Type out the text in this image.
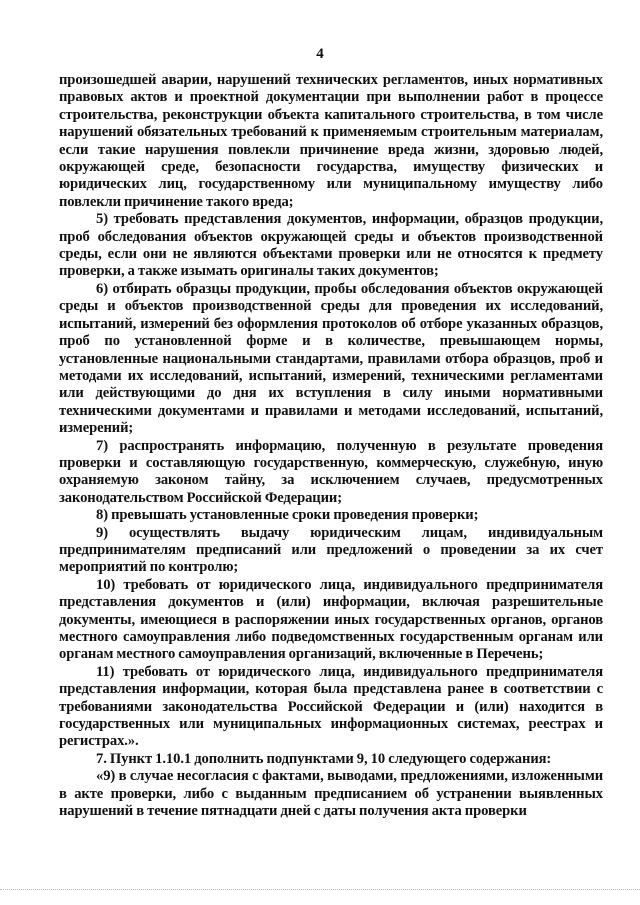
4

произошедшей аварии, нарушений технических регламентов, иных нормативных правовых актов и проектной документации при выполнении работ в процессе строительства, реконструкции объекта капитального строительства, в том числе нарушений обязательных требований к применяемым строительным материалам, если такие нарушения повлекли причинение вреда жизни, здоровью людей, окружающей среде, безопасности государства, имуществу физических и юридических лиц, государственному или муниципальному имуществу либо повлекли причинение такого вреда;

5) требовать представления документов, информации, образцов продукции, проб обследования объектов окружающей среды и объектов производственной среды, если они не являются объектами проверки или не относятся к предмету проверки, а также изымать оригиналы таких документов;

6) отбирать образцы продукции, пробы обследования объектов окружающей среды и объектов производственной среды для проведения их исследований, испытаний, измерений без оформления протоколов об отборе указанных образцов, проб по установленной форме и в количестве, превышающем нормы, установленные национальными стандартами, правилами отбора образцов, проб и методами их исследований, испытаний, измерений, техническими регламентами или действующими до дня их вступления в силу иными нормативными техническими документами и правилами и методами исследований, испытаний, измерений;

7) распространять информацию, полученную в результате проведения проверки и составляющую государственную, коммерческую, служебную, иную охраняемую законом тайну, за исключением случаев, предусмотренных законодательством Российской Федерации;

8) превышать установленные сроки проведения проверки;

9) осуществлять выдачу юридическим лицам, индивидуальным предпринимателям предписаний или предложений о проведении за их счет мероприятий по контролю;

10) требовать от юридического лица, индивидуального предпринимателя представления документов и (или) информации, включая разрешительные документы, имеющиеся в распоряжении иных государственных органов, органов местного самоуправления либо подведомственных государственным органам или органам местного самоуправления организаций, включенные в Перечень;

11) требовать от юридического лица, индивидуального предпринимателя представления информации, которая была представлена ранее в соответствии с требованиями законодательства Российской Федерации и (или) находится в государственных или муниципальных информационных системах, реестрах и регистрах.».

7. Пункт 1.10.1 дополнить подпунктами 9, 10 следующего содержания:

«9) в случае несогласия с фактами, выводами, предложениями, изложенными в акте проверки, либо с выданным предписанием об устранении выявленных нарушений в течение пятнадцати дней с даты получения акта проверки
